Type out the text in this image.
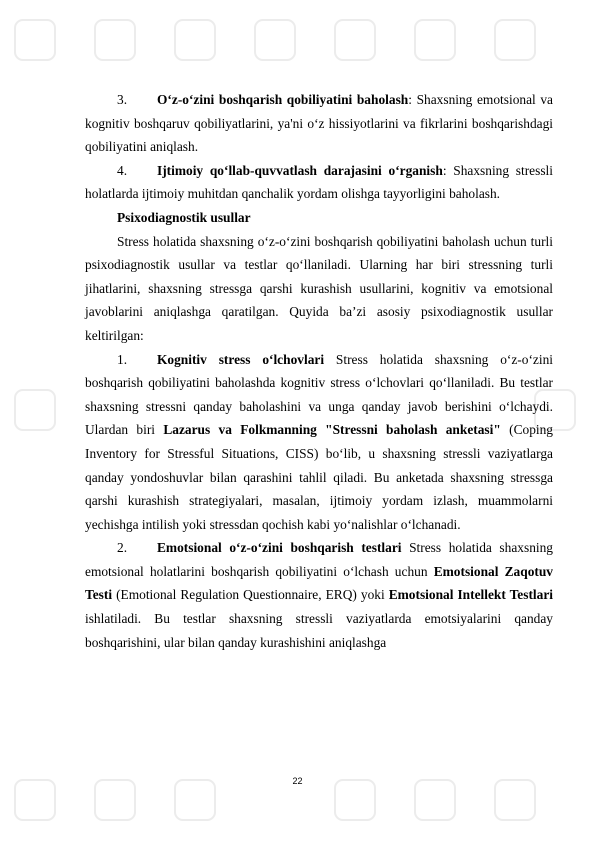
3. O‘z-o‘zini boshqarish qobiliyatini baholash: Shaxsning emotsional va kognitiv boshqaruv qobiliyatlarini, ya'ni o‘z hissiyotlarini va fikrlarini boshqarishdagi qobiliyatini aniqlash.

4. Ijtimoiy qo‘llab-quvvatlash darajasini o‘rganish: Shaxsning stressli holatlarda ijtimoiy muhitdan qanchalik yordam olishga tayyorligini baholash.

Psixodiagnostik usullar

Stress holatida shaxsning o‘z-o‘zini boshqarish qobiliyatini baholash uchun turli psixodiagnostik usullar va testlar qo‘llaniladi. Ularning har biri stressning turli jihatlarini, shaxsning stressga qarshi kurashish usullarini, kognitiv va emotsional javoblarini aniqlashga qaratilgan. Quyida ba’zi asosiy psixodiagnostik usullar keltirilgan:

1. Kognitiv stress o‘lchovlari Stress holatida shaxsning o‘z-o‘zini boshqarish qobiliyatini baholashda kognitiv stress o‘lchovlari qo‘llaniladi. Bu testlar shaxsning stressni qanday baholashini va unga qanday javob berishini o‘lchaydi. Ulardan biri Lazarus va Folkmanning "Stressni baholash anketasi" (Coping Inventory for Stressful Situations, CISS) bo‘lib, u shaxsning stressli vaziyatlarga qanday yondoshuvlar bilan qarashini tahlil qiladi. Bu anketada shaxsning stressga qarshi kurashish strategiyalari, masalan, ijtimoiy yordam izlash, muammolarni yechishga intilish yoki stressdan qochish kabi yo‘nalishlar o‘lchanadi.

2. Emotsional o‘z-o‘zini boshqarish testlari Stress holatida shaxsning emotsional holatlarini boshqarish qobiliyatini o‘lchash uchun Emotsional Zaqotuv Testi (Emotional Regulation Questionnaire, ERQ) yoki Emotsional Intellekt Testlari ishlatiladi. Bu testlar shaxsning stressli vaziyatlarda emotsiyalarini qanday boshqarishini, ular bilan qanday kurashishini aniqlashga

22
